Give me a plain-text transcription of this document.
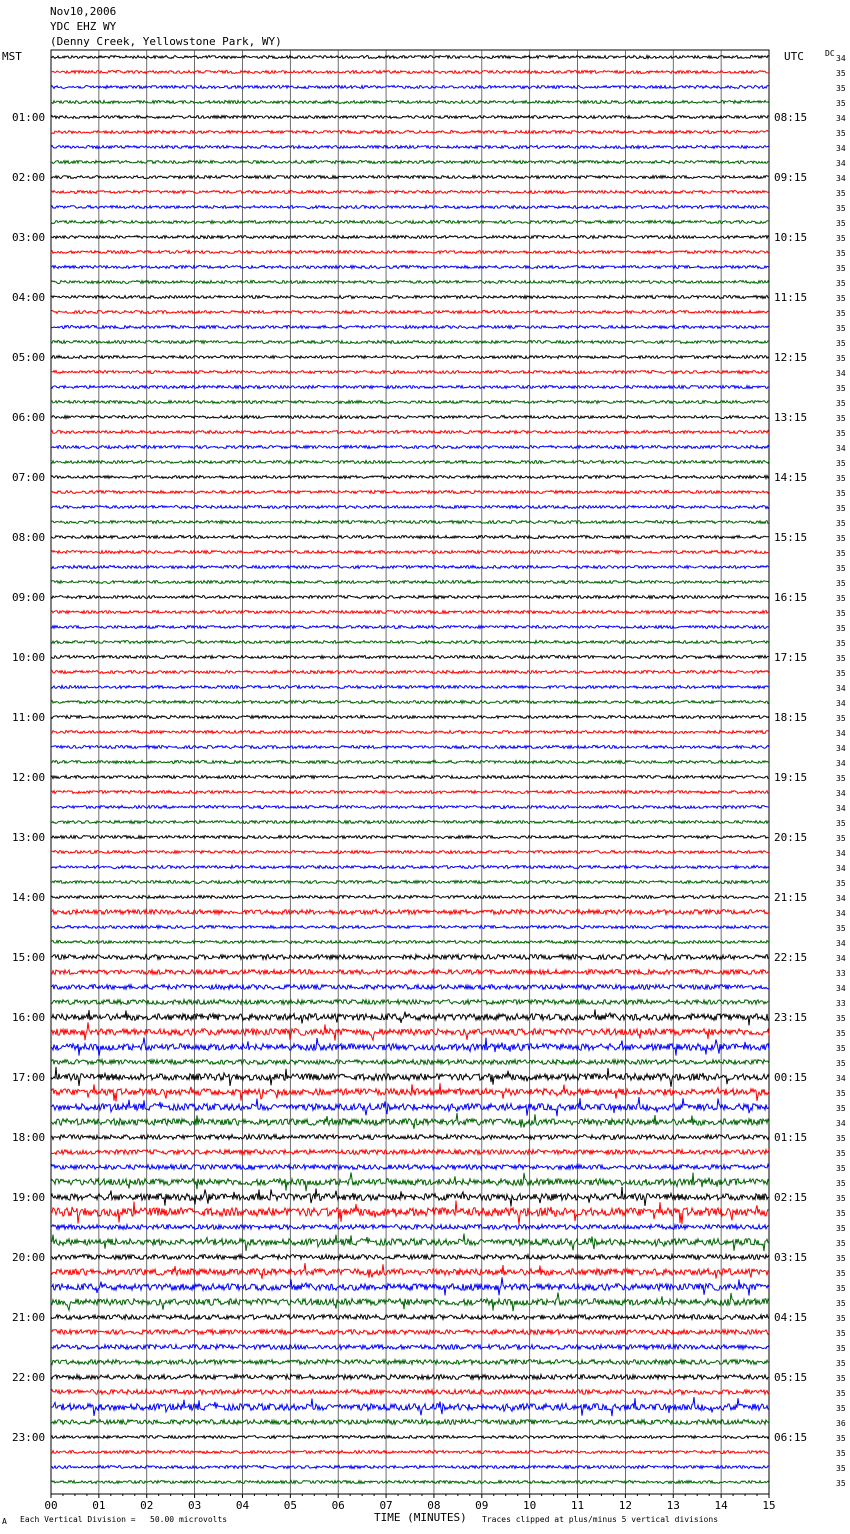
Nov10,2006
YDC EHZ WY
(Denny Creek, Yellowstone Park, WY)
MST	UTC	DC
34
35
35
35
34
35
34
34
34
35
35
35
35
35
35
35
35
35
35
35
35
34
35
35
35
35
34
35
35
35
35
35
35
35
35
35
35
35
35
35
35
35
34
34
35
34
34
34
35
34
34
35
35
34
34
35
34
34
35
34
34
33
34
33
35
35
35
35
34
35
35
34
35
35
35
35
35
35
35
35
35
35
35
35
35
35
35
35
35
35
35
36
35
35
35
35
01:00
02:00
03:00
04:00
05:00
06:00
07:00
08:00
09:00
10:00
11:00
12:00
13:00
14:00
15:00
16:00
17:00
18:00
19:00
20:00
21:00
22:00
23:00
08:15
09:15
10:15
11:15
12:15
13:15
14:15
15:15
16:15
17:15
18:15
19:15
20:15
21:15
22:15
23:15
00:15
01:15
02:15
03:15
04:15
05:15
06:15
00	01	02	03	04	05	06	07	08	09	10	11	12	13	14	15
A Each Vertical Division =   50.00 microvolts	TIME (MINUTES) Traces clipped at plus/minus 5 vertical divisions
